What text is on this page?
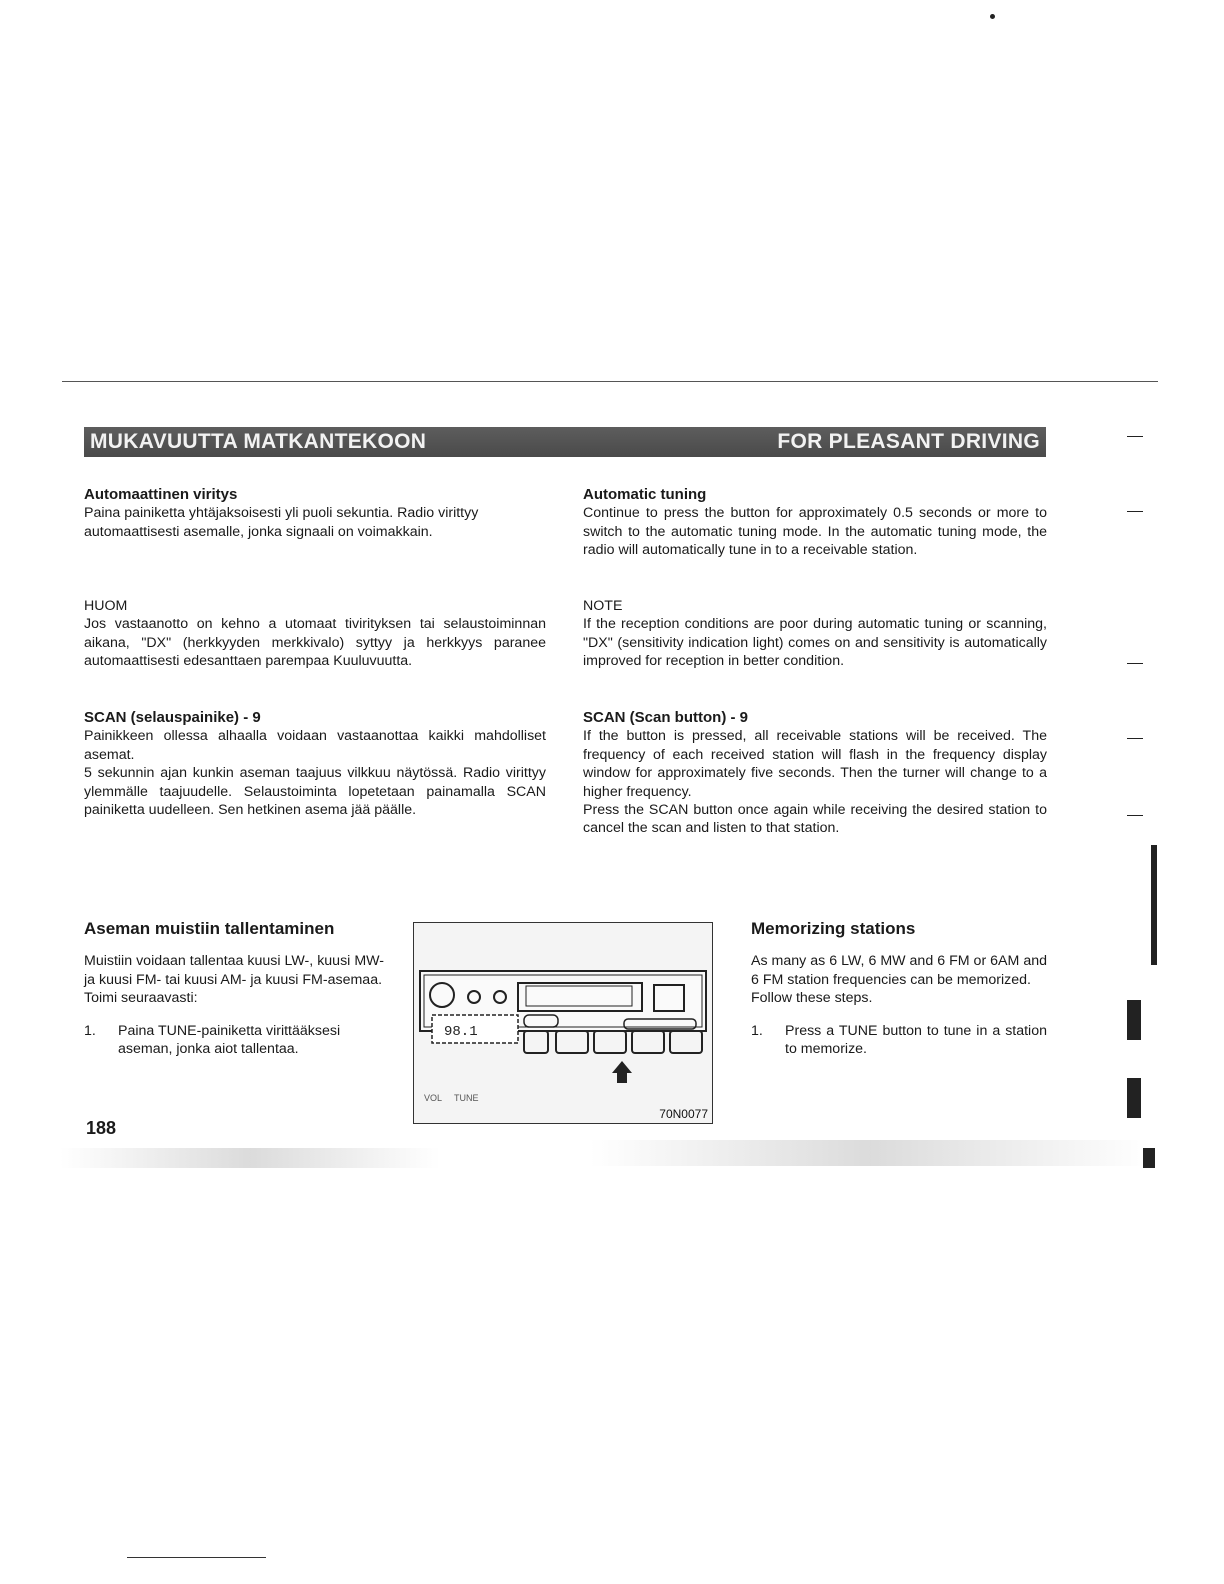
MUKAVUUTTA MATKANTEKOON	FOR PLEASANT DRIVING

Automaattinen viritys

Paina painiketta yhtäjaksoisesti yli puoli sekuntia. Radio virittyy automaattisesti asemalle, jonka signaali on voimakkain.

HUOM

Jos vastaanotto on kehno a utomaat tivirityksen tai selaustoiminnan aikana, "DX" (herkkyyden merkkivalo) syttyy ja herkkyys paranee automaattisesti edesanttaen parempaa Kuuluvuutta.

SCAN (selauspainike) - 9

Painikkeen ollessa alhaalla voidaan vastaanottaa kaikki mahdolliset asemat.

5 sekunnin ajan kunkin aseman taajuus vilkkuu näytössä. Radio virittyy ylemmälle taajuudelle. Selaustoiminta lopetetaan painamalla SCAN painiketta uudelleen. Sen hetkinen asema jää päälle.

Automatic tuning

Continue to press the button for approximately 0.5 seconds or more to switch to the automatic tuning mode. In the automatic tuning mode, the radio will automatically tune in to a receivable station.

NOTE

If the reception conditions are poor during automatic tuning or scanning, "DX" (sensitivity indication light) comes on and sensitivity is automatically improved for reception in better condition.

SCAN (Scan button) - 9

If the button is pressed, all receivable stations will be received. The frequency of each received station will flash in the frequency display window for approximately five seconds. Then the turner will change to a higher frequency.

Press the SCAN button once again while receiving the desired station to cancel the scan and listen to that station.

Aseman muistiin tallentaminen

Muistiin voidaan tallentaa kuusi LW-, kuusi MW- ja kuusi FM- tai kuusi AM- ja kuusi FM-asemaa.

Toimi seuraavasti:

1.	Paina TUNE-painiketta virittääksesi aseman, jonka aiot tallentaa.
98.1
VOL TUNE
70N0077

Memorizing stations

As many as 6 LW, 6 MW and 6 FM or 6AM and 6 FM station frequencies can be memorized.

Follow these steps.

1.	Press a TUNE button to tune in a station to memorize.
188
